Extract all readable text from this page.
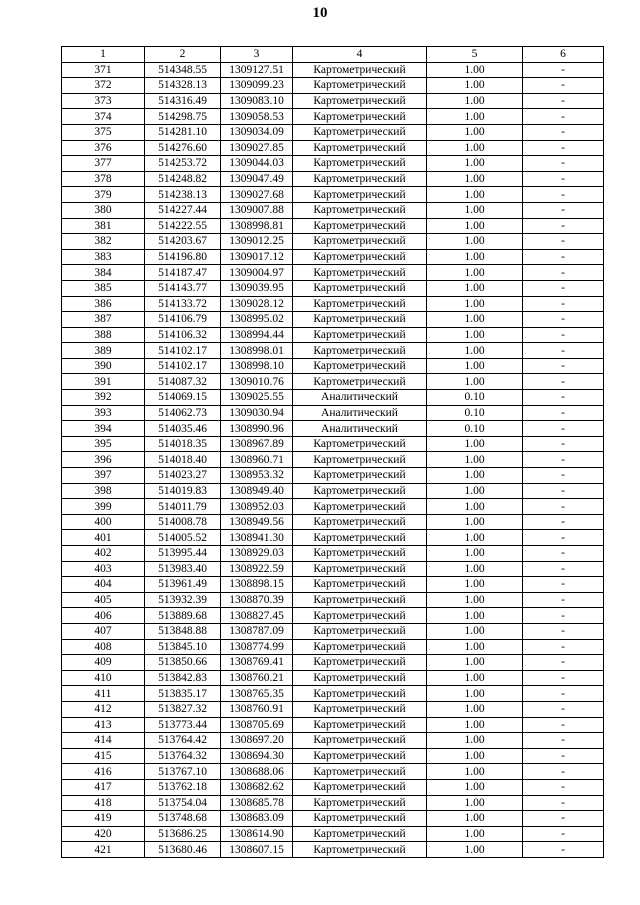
10
1	2	3	4	5	6
371	514348.55	1309127.51	Картометрический	1.00	-
372	514328.13	1309099.23	Картометрический	1.00	-
373	514316.49	1309083.10	Картометрический	1.00	-
374	514298.75	1309058.53	Картометрический	1.00	-
375	514281.10	1309034.09	Картометрический	1.00	-
376	514276.60	1309027.85	Картометрический	1.00	-
377	514253.72	1309044.03	Картометрический	1.00	-
378	514248.82	1309047.49	Картометрический	1.00	-
379	514238.13	1309027.68	Картометрический	1.00	-
380	514227.44	1309007.88	Картометрический	1.00	-
381	514222.55	1308998.81	Картометрический	1.00	-
382	514203.67	1309012.25	Картометрический	1.00	-
383	514196.80	1309017.12	Картометрический	1.00	-
384	514187.47	1309004.97	Картометрический	1.00	-
385	514143.77	1309039.95	Картометрический	1.00	-
386	514133.72	1309028.12	Картометрический	1.00	-
387	514106.79	1308995.02	Картометрический	1.00	-
388	514106.32	1308994.44	Картометрический	1.00	-
389	514102.17	1308998.01	Картометрический	1.00	-
390	514102.17	1308998.10	Картометрический	1.00	-
391	514087.32	1309010.76	Картометрический	1.00	-
392	514069.15	1309025.55	Аналитический	0.10	-
393	514062.73	1309030.94	Аналитический	0.10	-
394	514035.46	1308990.96	Аналитический	0.10	-
395	514018.35	1308967.89	Картометрический	1.00	-
396	514018.40	1308960.71	Картометрический	1.00	-
397	514023.27	1308953.32	Картометрический	1.00	-
398	514019.83	1308949.40	Картометрический	1.00	-
399	514011.79	1308952.03	Картометрический	1.00	-
400	514008.78	1308949.56	Картометрический	1.00	-
401	514005.52	1308941.30	Картометрический	1.00	-
402	513995.44	1308929.03	Картометрический	1.00	-
403	513983.40	1308922.59	Картометрический	1.00	-
404	513961.49	1308898.15	Картометрический	1.00	-
405	513932.39	1308870.39	Картометрический	1.00	-
406	513889.68	1308827.45	Картометрический	1.00	-
407	513848.88	1308787.09	Картометрический	1.00	-
408	513845.10	1308774.99	Картометрический	1.00	-
409	513850.66	1308769.41	Картометрический	1.00	-
410	513842.83	1308760.21	Картометрический	1.00	-
411	513835.17	1308765.35	Картометрический	1.00	-
412	513827.32	1308760.91	Картометрический	1.00	-
413	513773.44	1308705.69	Картометрический	1.00	-
414	513764.42	1308697.20	Картометрический	1.00	-
415	513764.32	1308694.30	Картометрический	1.00	-
416	513767.10	1308688.06	Картометрический	1.00	-
417	513762.18	1308682.62	Картометрический	1.00	-
418	513754.04	1308685.78	Картометрический	1.00	-
419	513748.68	1308683.09	Картометрический	1.00	-
420	513686.25	1308614.90	Картометрический	1.00	-
421	513680.46	1308607.15	Картометрический	1.00	-
